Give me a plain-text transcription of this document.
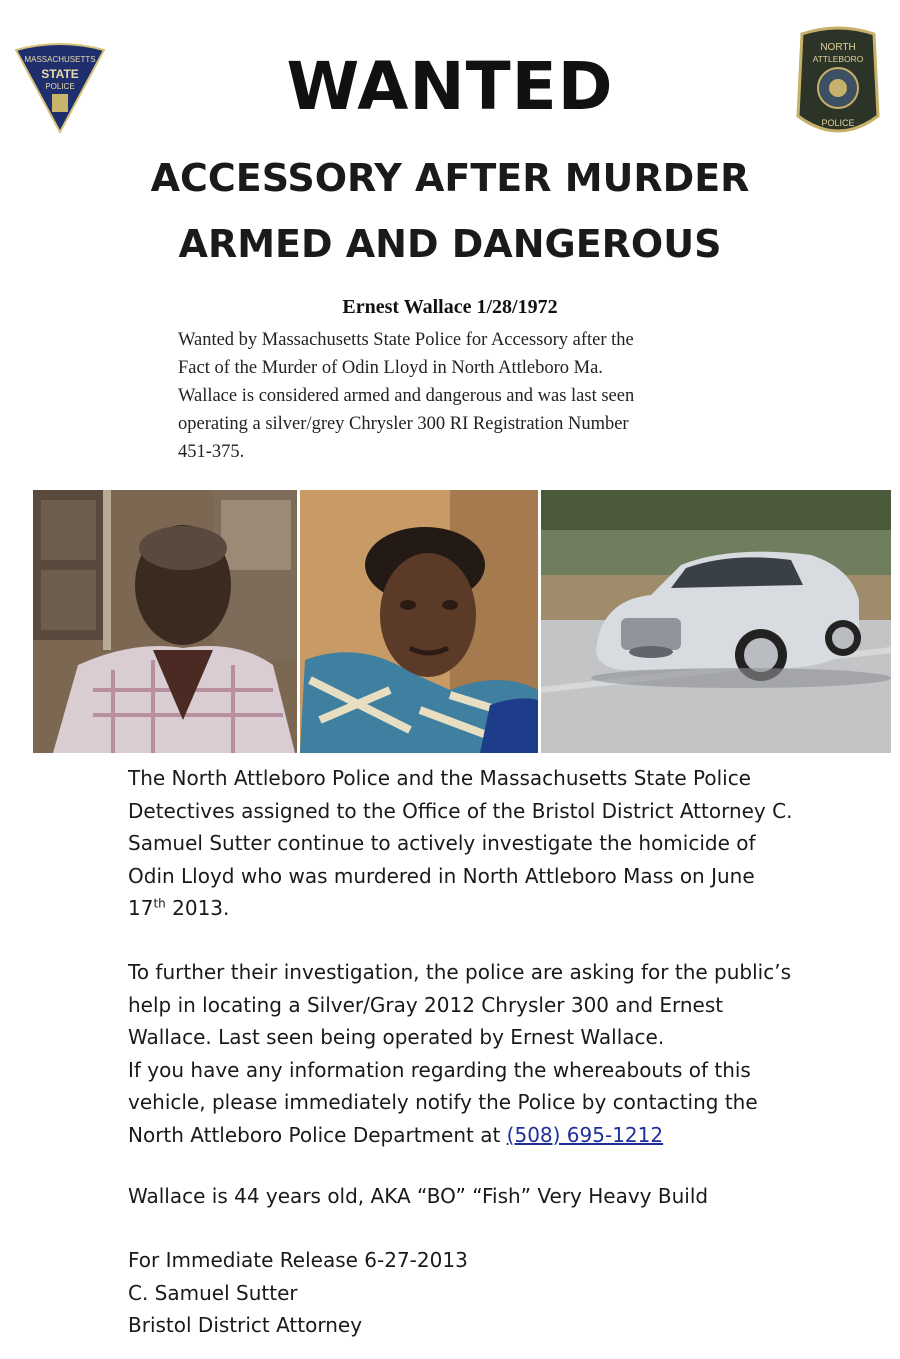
MASSACHUSETTS
STATE
POLICE
NORTH
ATTLEBORO
POLICE
WANTED
ACCESSORY AFTER MURDER
ARMED AND DANGEROUS
Ernest Wallace 1/28/1972
Wanted by Massachusetts State Police for Accessory after the
Fact of the Murder of Odin Lloyd in North Attleboro Ma.
Wallace is considered armed and dangerous and was last seen
operating a silver/grey Chrysler 300 RI Registration Number
451-375.
The North Attleboro Police and the Massachusetts State Police
Detectives assigned to the Office of the Bristol District Attorney C.
Samuel Sutter continue to actively investigate the homicide of
Odin Lloyd who was murdered in North Attleboro Mass on June
17th 2013.
To further their investigation, the police are asking for the public’s
help in locating a Silver/Gray 2012 Chrysler 300 and Ernest
Wallace. Last seen being operated by Ernest Wallace.
If you have any information regarding the whereabouts of this
vehicle, please immediately notify the Police by contacting the
North Attleboro Police Department at (508) 695-1212
Wallace is 44 years old, AKA “BO” “Fish” Very Heavy Build
For Immediate Release 6-27-2013
C. Samuel Sutter
Bristol District Attorney
